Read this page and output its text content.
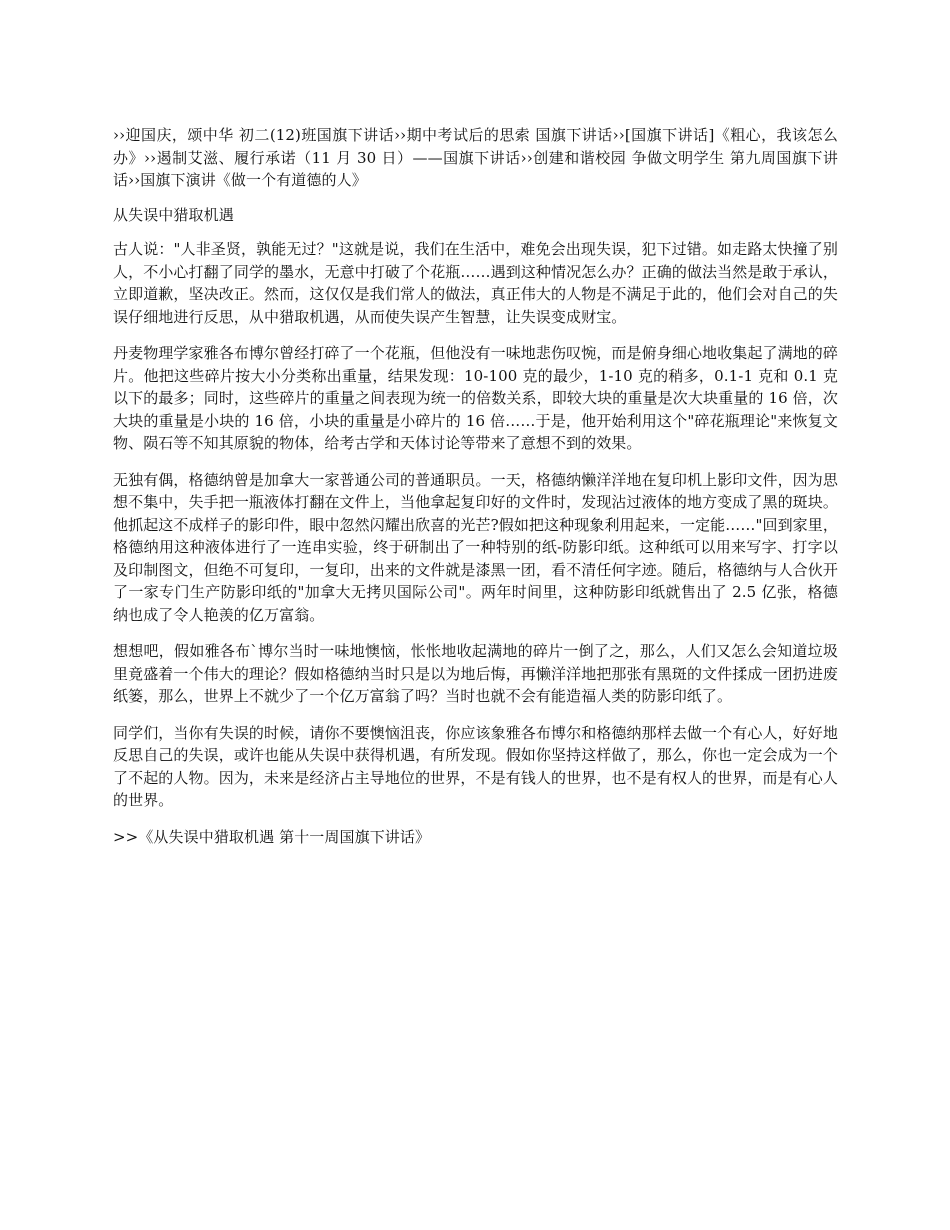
››迎国庆，颂中华 初二(12)班国旗下讲话››期中考试后的思索 国旗下讲话››[国旗下讲话]《粗心，我该怎么办》››遏制艾滋、履行承诺（11 月 30 日）——国旗下讲话››创建和谐校园 争做文明学生 第九周国旗下讲话››国旗下演讲《做一个有道德的人》

从失误中猎取机遇

古人说："人非圣贤，孰能无过？"这就是说，我们在生活中，难免会出现失误，犯下过错。如走路太快撞了别人，不小心打翻了同学的墨水，无意中打破了个花瓶……遇到这种情况怎么办？正确的做法当然是敢于承认，立即道歉，坚决改正。然而，这仅仅是我们常人的做法，真正伟大的人物是不满足于此的，他们会对自己的失误仔细地进行反思，从中猎取机遇，从而使失误产生智慧，让失误变成财宝。

丹麦物理学家雅各布博尔曾经打碎了一个花瓶，但他没有一味地悲伤叹惋，而是俯身细心地收集起了满地的碎片。他把这些碎片按大小分类称出重量，结果发现：10-100 克的最少，1-10 克的稍多，0.1-1 克和 0.1 克以下的最多；同时，这些碎片的重量之间表现为统一的倍数关系，即较大块的重量是次大块重量的 16 倍，次大块的重量是小块的 16 倍，小块的重量是小碎片的 16 倍……于是，他开始利用这个"碎花瓶理论"来恢复文物、陨石等不知其原貌的物体，给考古学和天体讨论等带来了意想不到的效果。

无独有偶，格德纳曾是加拿大一家普通公司的普通职员。一天，格德纳懒洋洋地在复印机上影印文件，因为思想不集中，失手把一瓶液体打翻在文件上，当他拿起复印好的文件时，发现沾过液体的地方变成了黑的斑块。他抓起这不成样子的影印件，眼中忽然闪耀出欣喜的光芒?假如把这种现象利用起来，一定能……"回到家里，格德纳用这种液体进行了一连串实验，终于研制出了一种特别的纸-防影印纸。这种纸可以用来写字、打字以及印制图文，但绝不可复印，一复印，出来的文件就是漆黑一团，看不清任何字迹。随后，格德纳与人合伙开了一家专门生产防影印纸的"加拿大无拷贝国际公司"。两年时间里，这种防影印纸就售出了 2.5 亿张，格德纳也成了令人艳羡的亿万富翁。

想想吧，假如雅各布`博尔当时一味地懊恼，怅怅地收起满地的碎片一倒了之，那么，人们又怎么会知道垃圾里竟盛着一个伟大的理论？假如格德纳当时只是以为地后悔，再懒洋洋地把那张有黑斑的文件揉成一团扔进废纸篓，那么，世界上不就少了一个亿万富翁了吗？当时也就不会有能造福人类的防影印纸了。

同学们，当你有失误的时候，请你不要懊恼沮丧，你应该象雅各布博尔和格德纳那样去做一个有心人，好好地反思自己的失误，或许也能从失误中获得机遇，有所发现。假如你坚持这样做了，那么，你也一定会成为一个了不起的人物。因为，未来是经济占主导地位的世界，不是有钱人的世界，也不是有权人的世界，而是有心人的世界。

>>《从失误中猎取机遇 第十一周国旗下讲话》
